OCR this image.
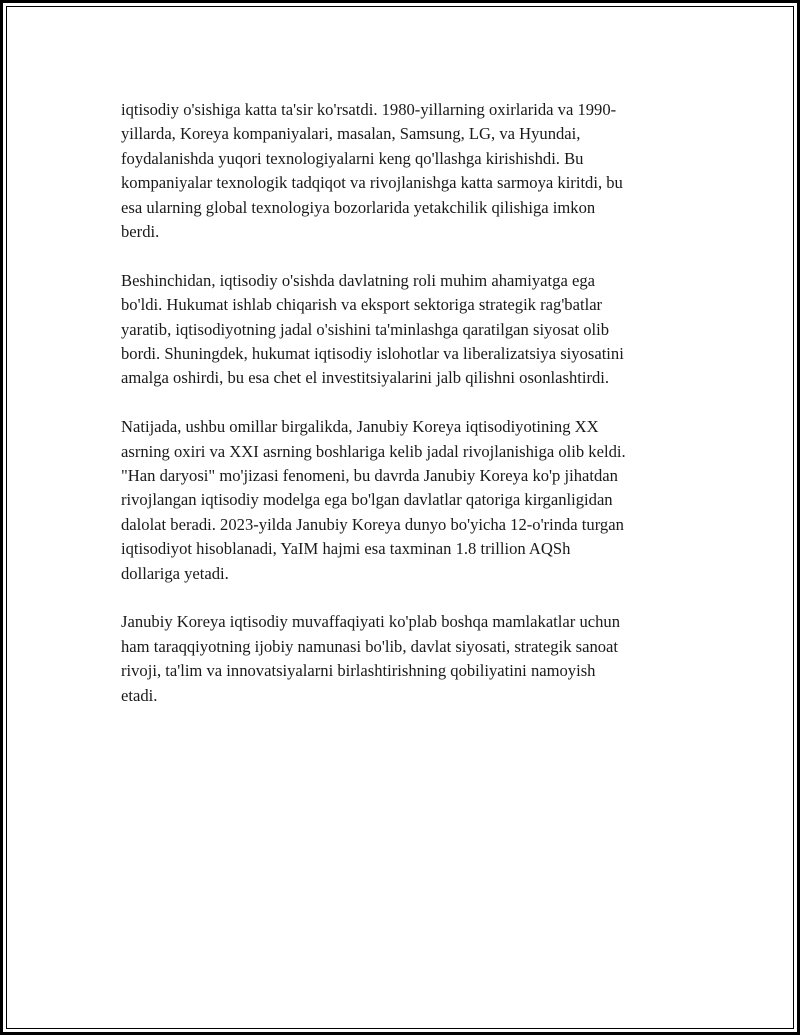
iqtisodiy o'sishiga katta ta'sir ko'rsatdi. 1980-yillarning oxirlarida va 1990-
yillarda, Koreya kompaniyalari, masalan, Samsung, LG, va Hyundai,
foydalanishda yuqori texnologiyalarni keng qo'llashga kirishishdi. Bu
kompaniyalar texnologik tadqiqot va rivojlanishga katta sarmoya kiritdi, bu
esa ularning global texnologiya bozorlarida yetakchilik qilishiga imkon
berdi.

Beshinchidan, iqtisodiy o'sishda davlatning roli muhim ahamiyatga ega
bo'ldi. Hukumat ishlab chiqarish va eksport sektoriga strategik rag'batlar
yaratib, iqtisodiyotning jadal o'sishini ta'minlashga qaratilgan siyosat olib
bordi. Shuningdek, hukumat iqtisodiy islohotlar va liberalizatsiya siyosatini
amalga oshirdi, bu esa chet el investitsiyalarini jalb qilishni osonlashtirdi.

Natijada, ushbu omillar birgalikda, Janubiy Koreya iqtisodiyotining XX
asrning oxiri va XXI asrning boshlariga kelib jadal rivojlanishiga olib keldi.
"Han daryosi" mo'jizasi fenomeni, bu davrda Janubiy Koreya ko'p jihatdan
rivojlangan iqtisodiy modelga ega bo'lgan davlatlar qatoriga kirganligidan
dalolat beradi. 2023-yilda Janubiy Koreya dunyo bo'yicha 12-o'rinda turgan
iqtisodiyot hisoblanadi, YaIM hajmi esa taxminan 1.8 trillion AQSh
dollariga yetadi.

Janubiy Koreya iqtisodiy muvaffaqiyati ko'plab boshqa mamlakatlar uchun
ham taraqqiyotning ijobiy namunasi bo'lib, davlat siyosati, strategik sanoat
rivoji, ta'lim va innovatsiyalarni birlashtirishning qobiliyatini namoyish
etadi.
